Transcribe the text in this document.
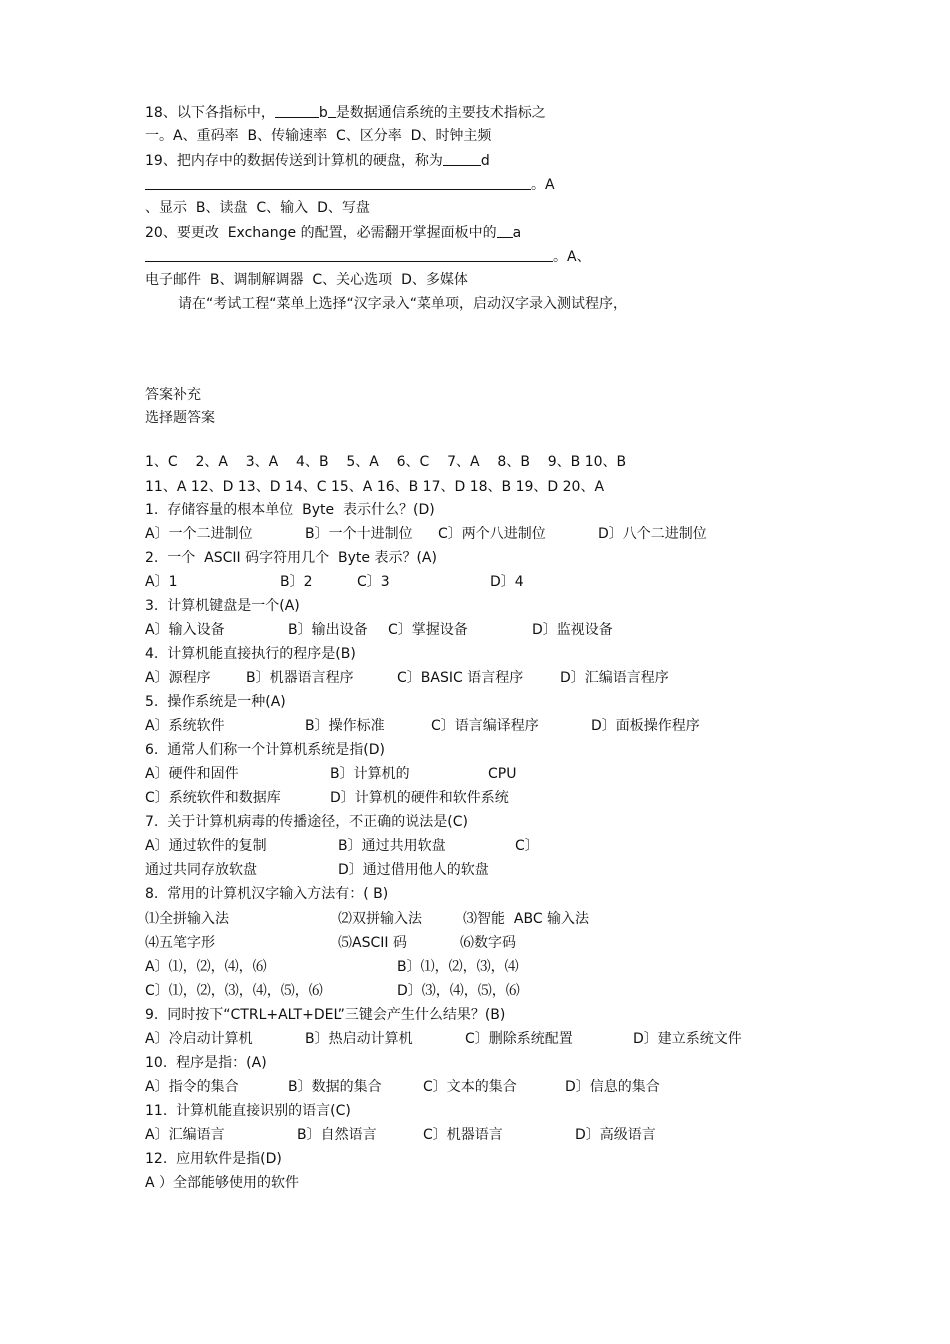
18、以下各指标中，	b 是数据通信系统的主要技术指标之
一。A、重码率  B、传输速率  C、区分率  D、时钟主频
19、把内存中的数据传送到计算机的硬盘，称为	d
。A
、显示  B、读盘  C、输入  D、写盘
20、要更改  Exchange 的配置，必需翻开掌握面板中的 a
。A、
电子邮件  B、调制解调器  C、关心选项  D、多媒体
请在“考试工程“菜单上选择“汉字录入“菜单项，启动汉字录入测试程序，
答案补充
选择题答案
1、C    2、A    3、A    4、B    5、A    6、C    7、A    8、B    9、B 10、B
11、A 12、D 13、D 14、C 15、A 16、B 17、D 18、B 19、D 20、A
1.  存储容量的根本单位  Byte  表示什么？(D)
A〕一个二进制位	B〕一个十进制位 C〕两个八进制位	D〕八个二进制位
2.  一个  ASCII 码字符用几个  Byte 表示？(A)
A〕1	B〕2	C〕3	D〕4
3.  计算机键盘是一个(A)
A〕输入设备	B〕输出设备 C〕掌握设备	D〕监视设备
4.  计算机能直接执行的程序是(B)
A〕源程序	B〕机器语言程序	C〕BASIC 语言程序	D〕汇编语言程序
5.  操作系统是一种(A)
A〕系统软件	B〕操作标准	C〕语言编译程序	D〕面板操作程序
6.  通常人们称一个计算机系统是指(D)
A〕硬件和固件	B〕计算机的	CPU
C〕系统软件和数据库	D〕计算机的硬件和软件系统
7.  关于计算机病毒的传播途径，不正确的说法是(C)
A〕通过软件的复制	B〕通过共用软盘	C〕
通过共同存放软盘	D〕通过借用他人的软盘
8.  常用的计算机汉字输入方法有：( B)
⑴全拼输入法	⑵双拼输入法	⑶智能  ABC 输入法
⑷五笔字形	⑸ASCII 码	⑹数字码
A〕⑴，⑵，⑷，⑹	B〕⑴，⑵，⑶，⑷
C〕⑴，⑵，⑶，⑷，⑸，⑹	D〕⑶，⑷，⑸，⑹
9.  同时按下“CTRL+ALT+DEL”三键会产生什么结果？(B)
A〕冷启动计算机	B〕热启动计算机	C〕删除系统配置	D〕建立系统文件
10.  程序是指：(A)
A〕指令的集合	B〕数据的集合	C〕文本的集合	D〕信息的集合
11.  计算机能直接识别的语言(C)
A〕汇编语言	B〕自然语言	C〕机器语言	D〕高级语言
12.  应用软件是指(D)
A ）全部能够使用的软件
